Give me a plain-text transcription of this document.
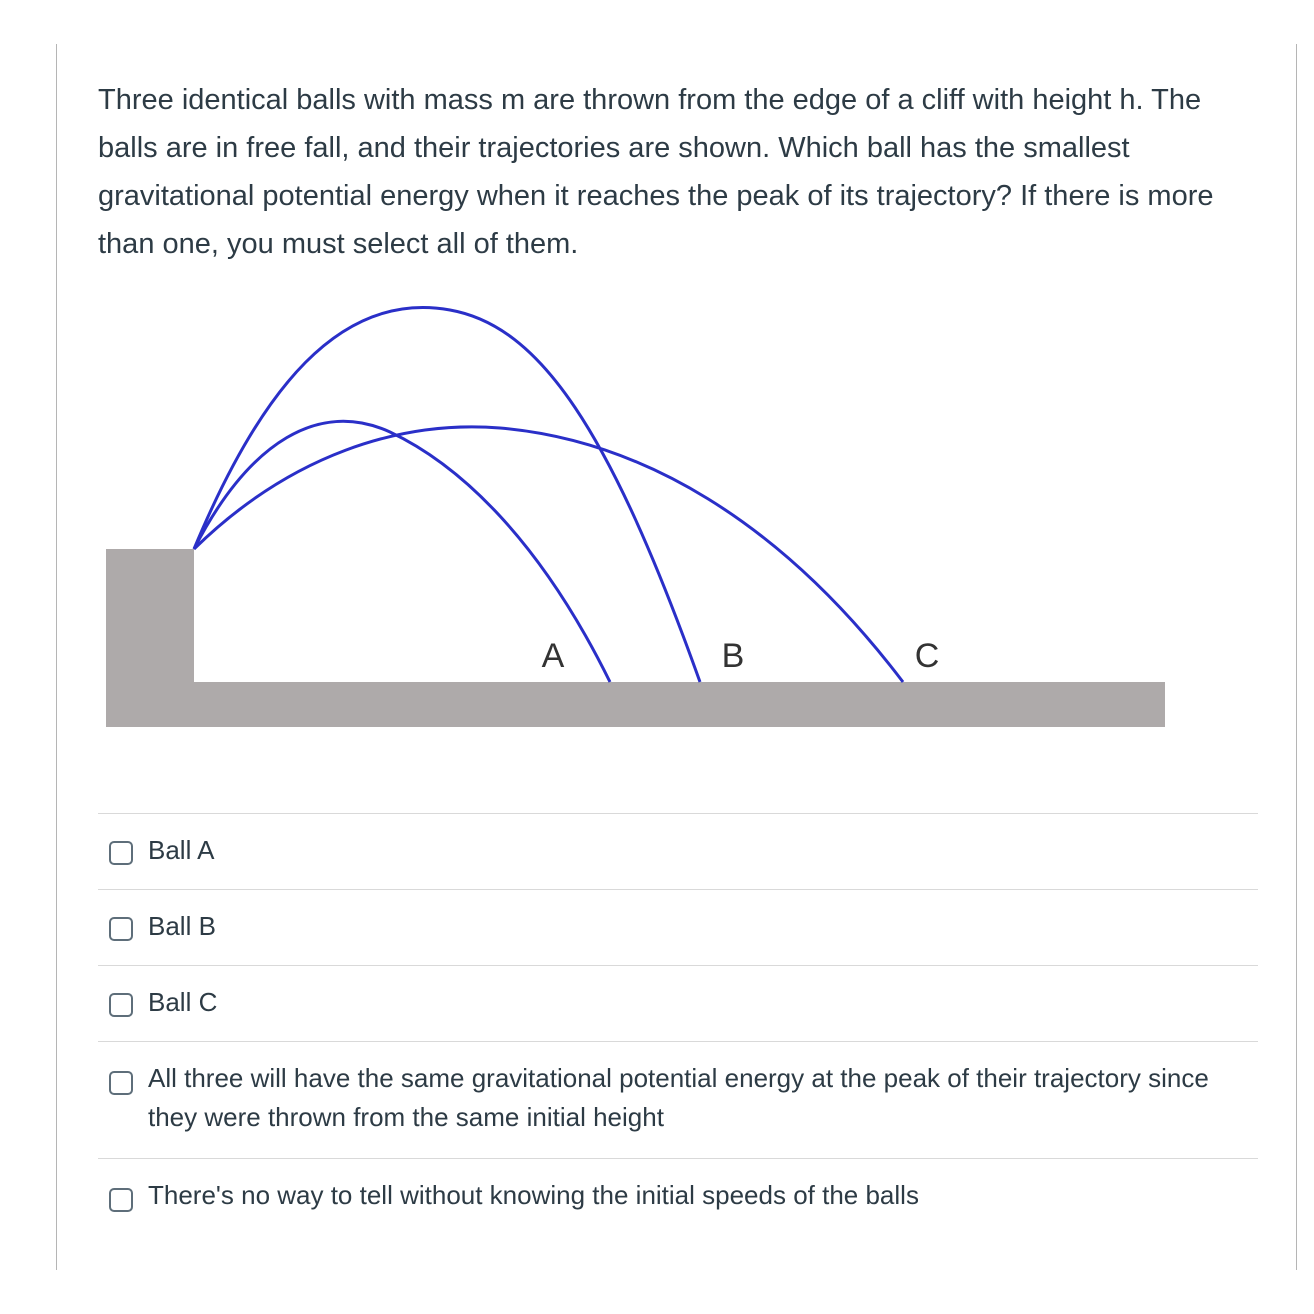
Three identical balls with mass m are thrown from the edge of a cliff with height h. The balls are in free fall, and their trajectories are shown. Which ball has the smallest gravitational potential energy when it reaches the peak of its trajectory? If there is more than one, you must select all of them.

A	B	C
Ball A
Ball B
Ball C
All three will have the same gravitational potential energy at the peak of their trajectory since they were thrown from the same initial height
There's no way to tell without knowing the initial speeds of the balls
